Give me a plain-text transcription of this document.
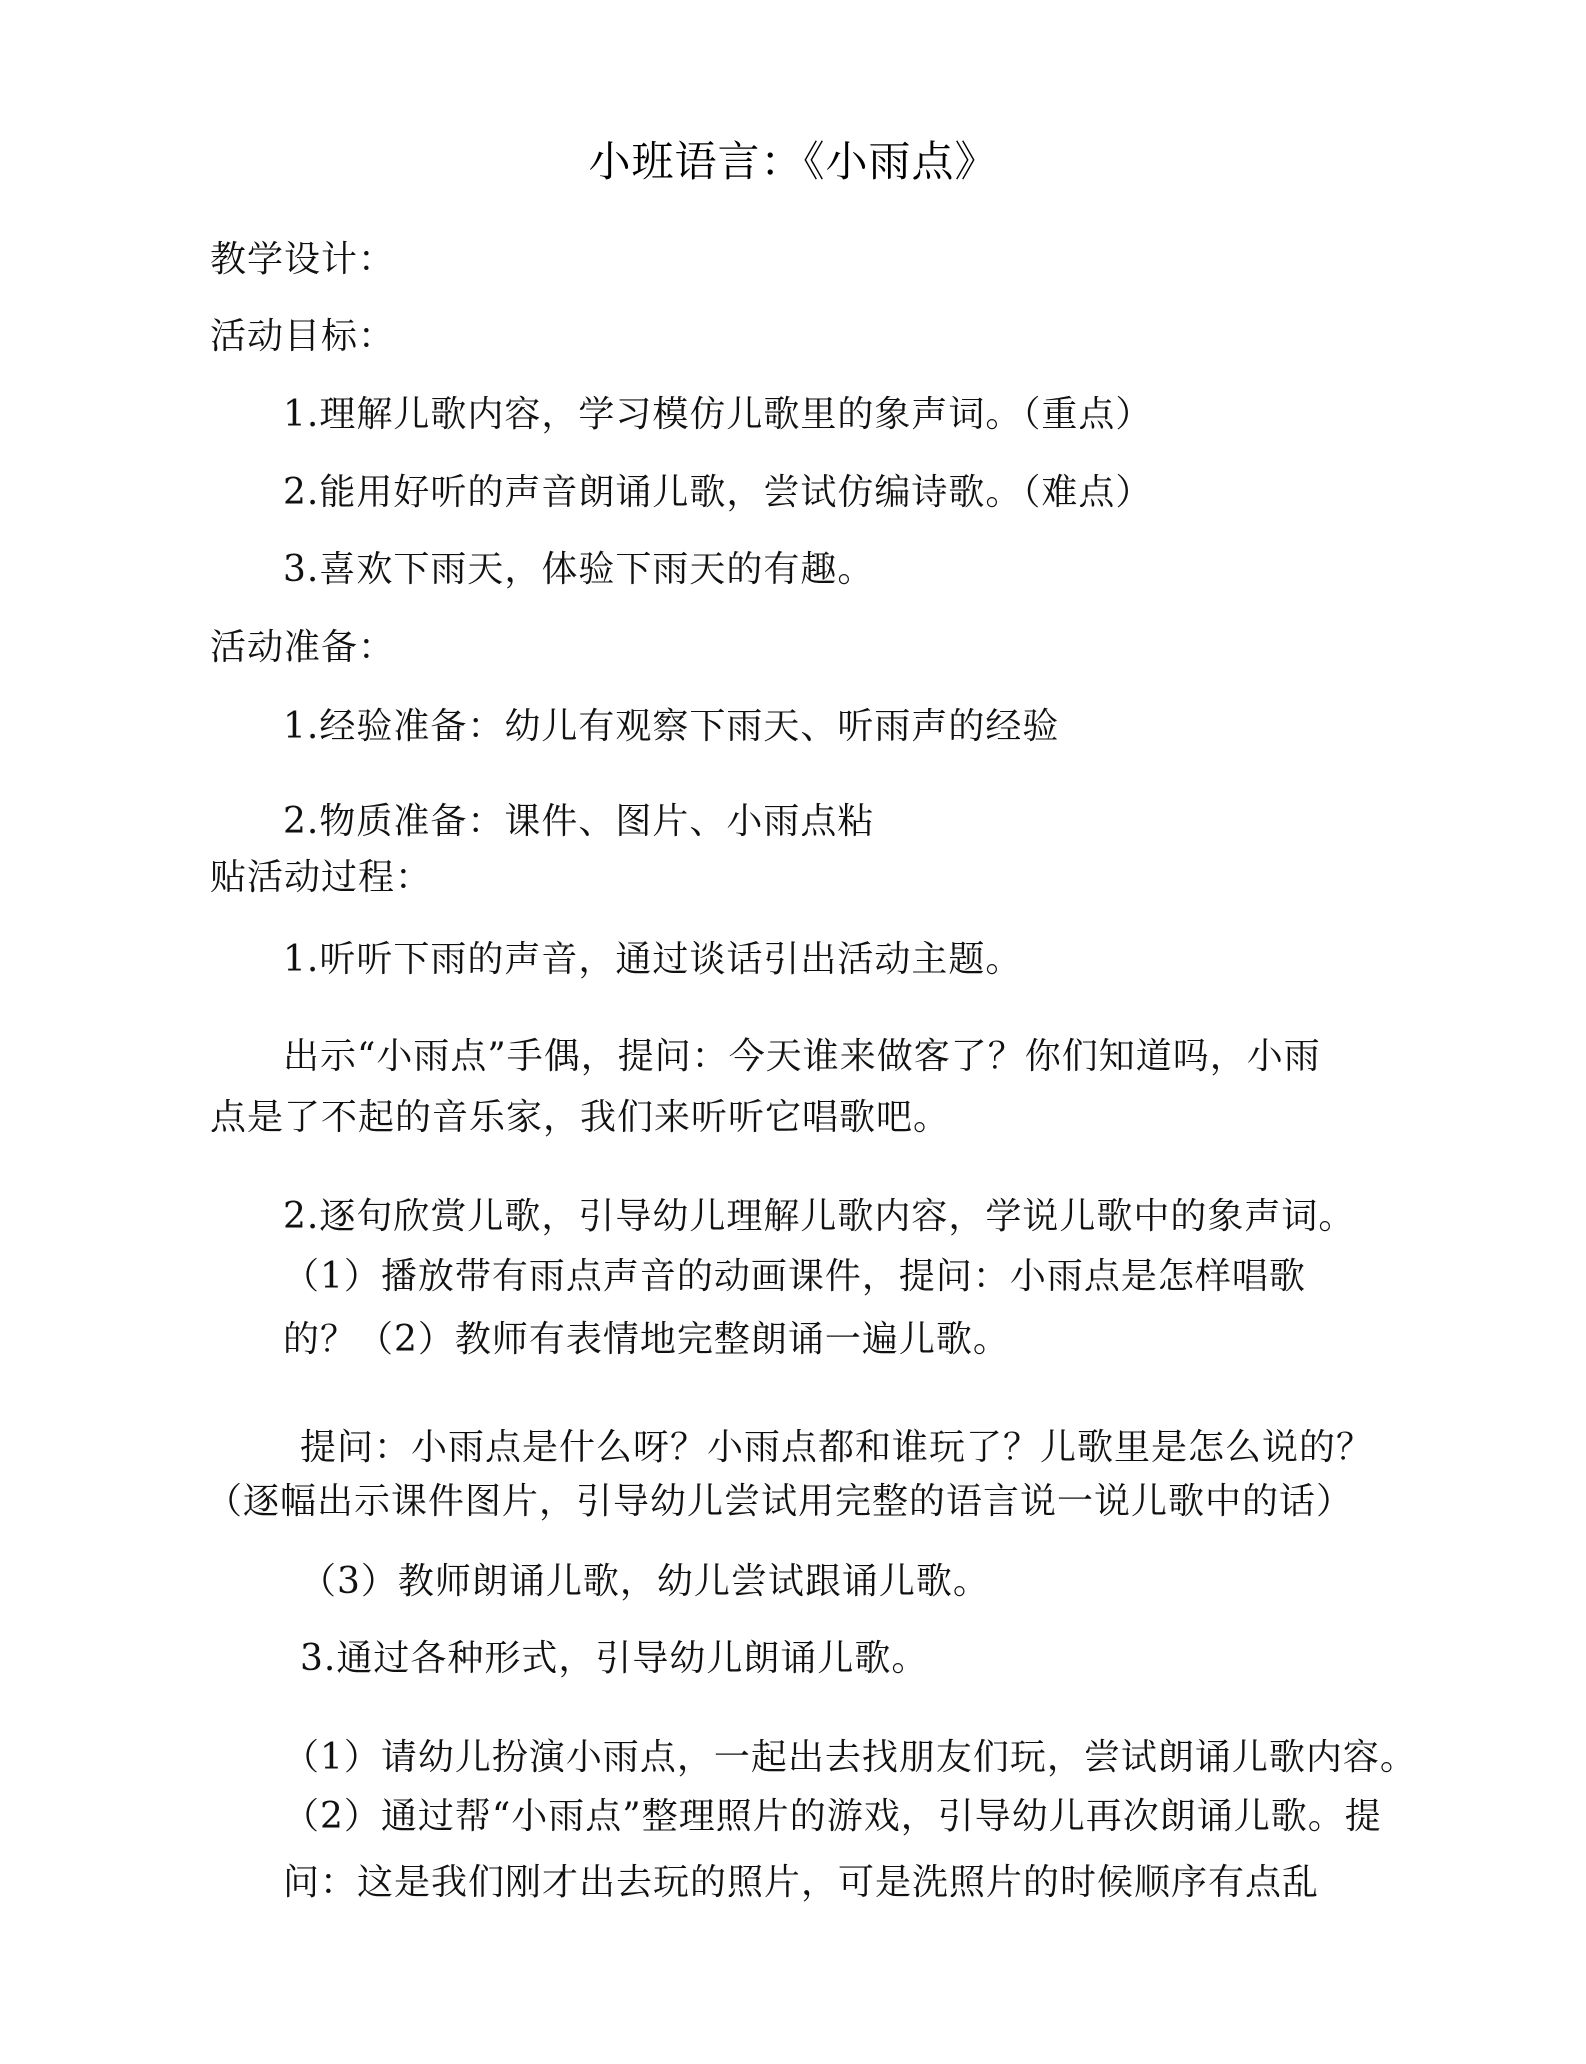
小班语言：《小雨点》
教学设计：
活动目标：
1.理解儿歌内容，学习模仿儿歌里的象声词。（重点）
2.能用好听的声音朗诵儿歌，尝试仿编诗歌。（难点）
3.喜欢下雨天，体验下雨天的有趣。
活动准备：
1.经验准备：幼儿有观察下雨天、听雨声的经验
2.物质准备：课件、图片、小雨点粘
贴活动过程：
1.听听下雨的声音，通过谈话引出活动主题。
出示“小雨点”手偶，提问：今天谁来做客了？你们知道吗，小雨
点是了不起的音乐家，我们来听听它唱歌吧。
2.逐句欣赏儿歌，引导幼儿理解儿歌内容，学说儿歌中的象声词。
（1）播放带有雨点声音的动画课件，提问：小雨点是怎样唱歌
的？（2）教师有表情地完整朗诵一遍儿歌。
提问：小雨点是什么呀？小雨点都和谁玩了？儿歌里是怎么说的？
（逐幅出示课件图片，引导幼儿尝试用完整的语言说一说儿歌中的话）
（3）教师朗诵儿歌，幼儿尝试跟诵儿歌。
3.通过各种形式，引导幼儿朗诵儿歌。
（1）请幼儿扮演小雨点，一起出去找朋友们玩，尝试朗诵儿歌内容。
（2）通过帮“小雨点”整理照片的游戏，引导幼儿再次朗诵儿歌。提
问：这是我们刚才出去玩的照片，可是洗照片的时候顺序有点乱
